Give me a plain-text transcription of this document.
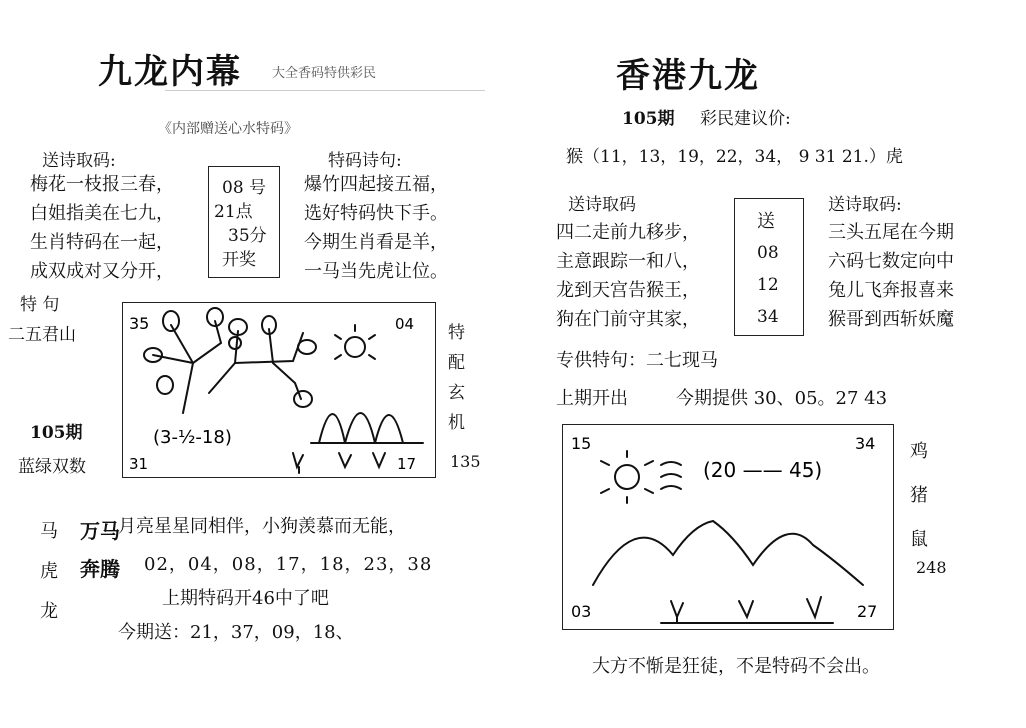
九龙内幕 大全香码特供彩民
《内部赠送心水特码》
送诗取码:
梅花一枝报三春，
白姐指美在七九，
生肖特码在一起，
成双成对又分开，
08 号
21点
35分
开奖
特码诗句:
爆竹四起接五福，
选好特码快下手。
今期生肖看是羊，
一马当先虎让位。
特 句
二五君山
105期
蓝绿双数
特
配
玄
机
135
35	04
31	17
(3-½-18)
马
虎
龙
万马
奔腾
月亮星星同相伴，小狗羡慕而无能，
02，04，08，17，18，23，38
上期特码开46中了吧
今期送：21，37，09，18、
香港九龙
105期 彩民建议价:
猴（11，13，19，22，34， 9 31 21.）虎
送诗取码
四二走前九移步，
主意跟踪一和八，
龙到天宫告猴王，
狗在门前守其家，
送
08
12
34
送诗取码:
三头五尾在今期
六码七数定向中
兔儿飞奔报喜来
猴哥到西斩妖魔
专供特句：二七现马
上期开出	今期提供 30、05。27 43
15	34
03	27
(20 —— 45)
鸡
猪
鼠
248
大方不惭是狂徒，不是特码不会出。
